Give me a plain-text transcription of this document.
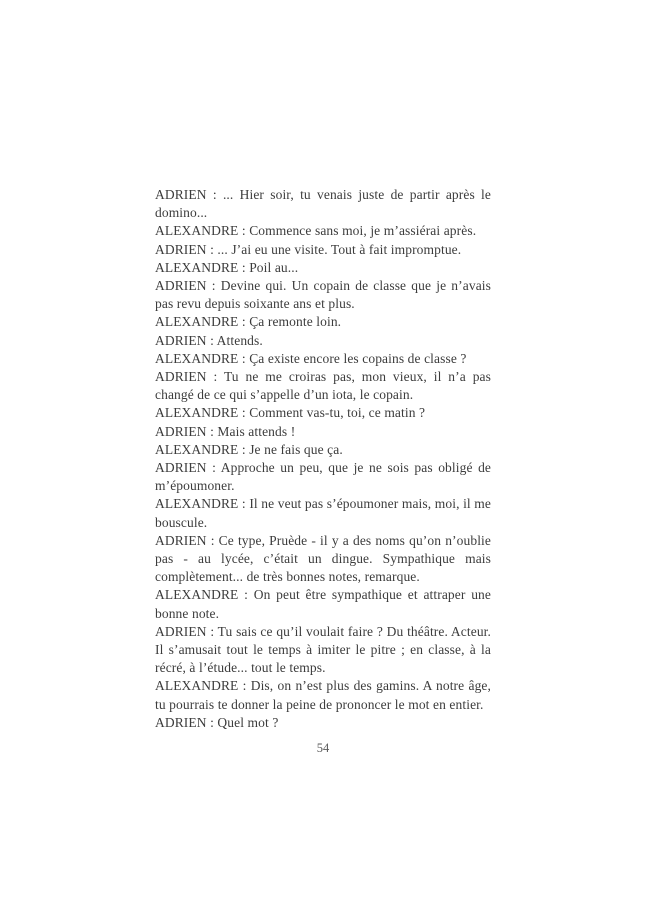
ADRIEN : ... Hier soir, tu venais juste de partir après le domino...

ALEXANDRE : Commence sans moi, je m’assiérai après.

ADRIEN : ... J’ai eu une visite. Tout à fait impromptue.

ALEXANDRE : Poil au...

ADRIEN : Devine qui. Un copain de classe que je n’avais pas revu depuis soixante ans et plus.

ALEXANDRE : Ça remonte loin.

ADRIEN : Attends.

ALEXANDRE : Ça existe encore les copains de classe ?

ADRIEN : Tu ne me croiras pas, mon vieux, il n’a pas changé de ce qui s’appelle d’un iota, le copain.

ALEXANDRE : Comment vas-tu, toi, ce matin ?

ADRIEN : Mais attends !

ALEXANDRE : Je ne fais que ça.

ADRIEN : Approche un peu, que je ne sois pas obligé de m’époumoner.

ALEXANDRE : Il ne veut pas s’époumoner mais, moi, il me bouscule.

ADRIEN : Ce type, Pruède - il y a des noms qu’on n’oublie pas - au lycée, c’était un dingue. Sympathique mais complètement... de très bonnes notes, remarque.

ALEXANDRE : On peut être sympathique et attraper une bonne note.

ADRIEN : Tu sais ce qu’il voulait faire ? Du théâtre. Acteur. Il s’amusait tout le temps à imiter le pitre ; en classe, à la récré, à l’étude... tout le temps.

ALEXANDRE : Dis, on n’est plus des gamins. A notre âge, tu pourrais te donner la peine de prononcer le mot en entier.

ADRIEN : Quel mot ?

54
